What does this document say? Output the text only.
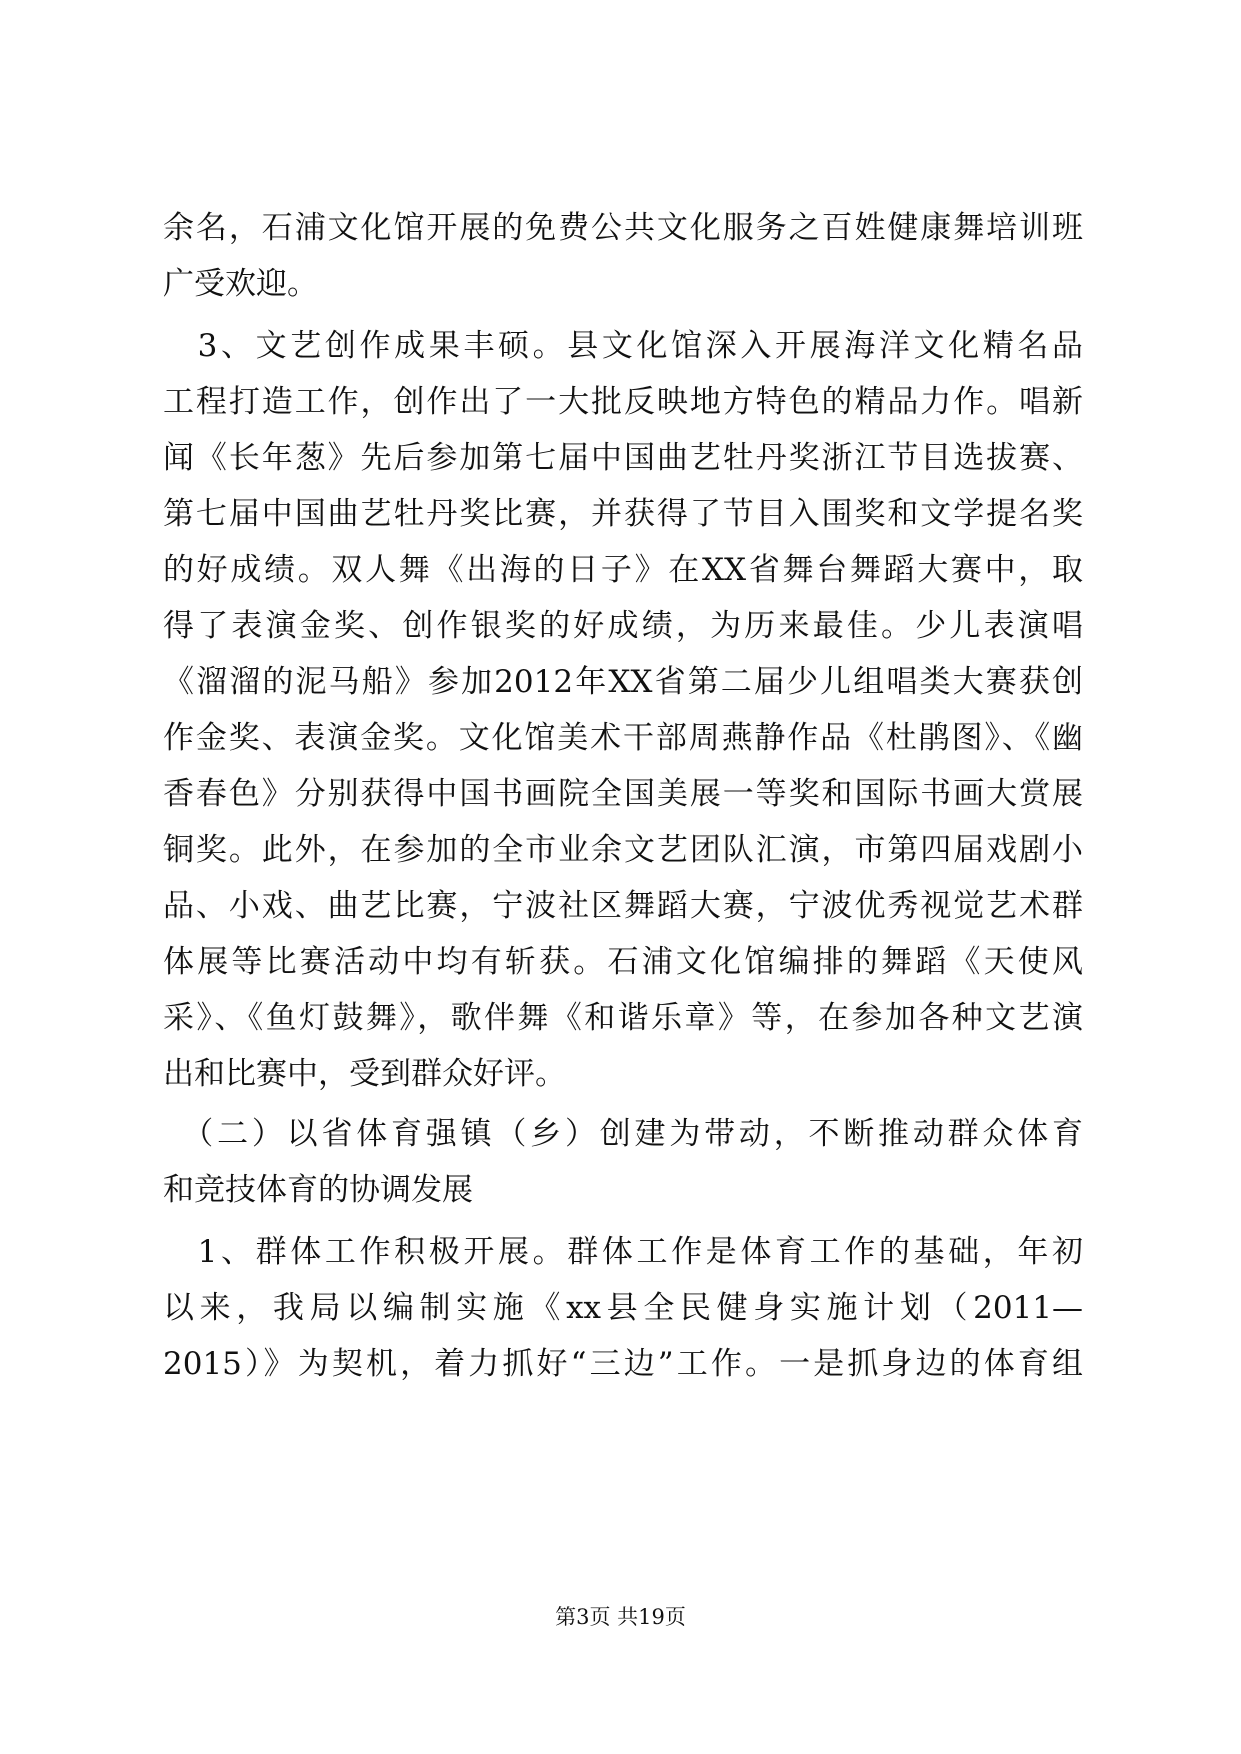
余名，石浦文化馆开展的免费公共文化服务之百姓健康舞培训班
广受欢迎。
　3、文艺创作成果丰硕。县文化馆深入开展海洋文化精名品
工程打造工作，创作出了一大批反映地方特色的精品力作。唱新
闻《长年葱》先后参加第七届中国曲艺牡丹奖浙江节目选拔赛、
第七届中国曲艺牡丹奖比赛，并获得了节目入围奖和文学提名奖
的好成绩。双人舞《出海的日子》在XX省舞台舞蹈大赛中，取
得了表演金奖、创作银奖的好成绩，为历来最佳。少儿表演唱
《溜溜的泥马船》参加2012年XX省第二届少儿组唱类大赛获创
作金奖、表演金奖。文化馆美术干部周燕静作品《杜鹃图》、《幽
香春色》分别获得中国书画院全国美展一等奖和国际书画大赏展
铜奖。此外，在参加的全市业余文艺团队汇演，市第四届戏剧小
品、小戏、曲艺比赛，宁波社区舞蹈大赛，宁波优秀视觉艺术群
体展等比赛活动中均有斩获。石浦文化馆编排的舞蹈《天使风
采》、《鱼灯鼓舞》，歌伴舞《和谐乐章》等，在参加各种文艺演
出和比赛中，受到群众好评。
　（二）以省体育强镇（乡）创建为带动，不断推动群众体育
和竞技体育的协调发展
　1、群体工作积极开展。群体工作是体育工作的基础，年初
以来，我局以编制实施《xx县全民健身实施计划（2011—
2015）》为契机，着力抓好“三边”工作。一是抓身边的体育组
第3页 共19页
